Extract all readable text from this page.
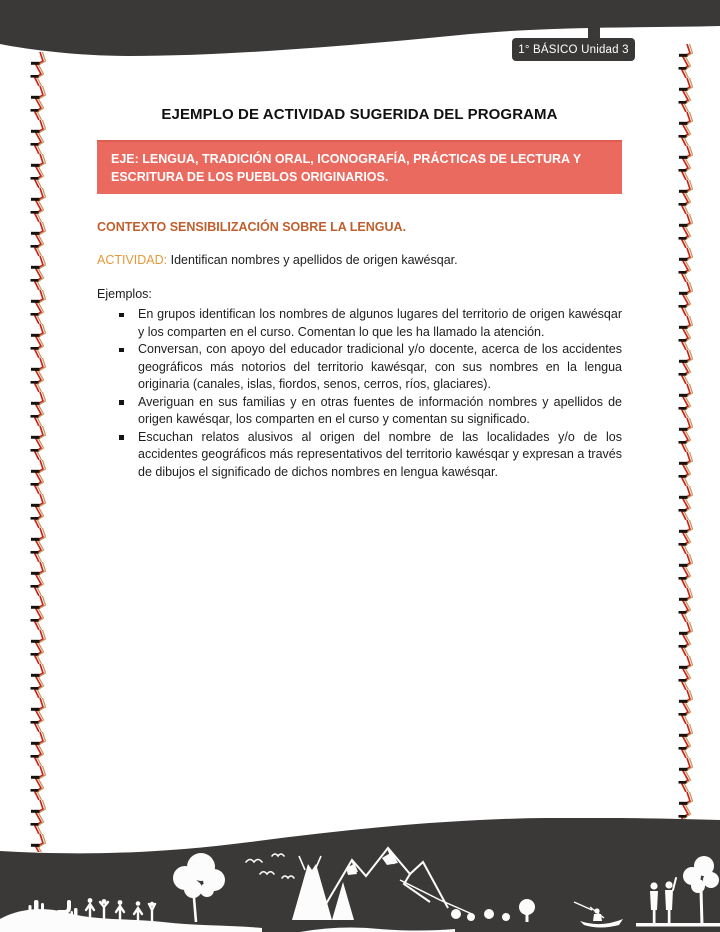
1° BÁSICO Unidad 3
EJEMPLO DE ACTIVIDAD SUGERIDA DEL PROGRAMA
EJE: LENGUA, TRADICIÓN ORAL, ICONOGRAFÍA, PRÁCTICAS DE LECTURA Y ESCRITURA DE LOS PUEBLOS ORIGINARIOS.
CONTEXTO SENSIBILIZACIÓN SOBRE LA LENGUA.

ACTIVIDAD: Identifican nombres y apellidos de origen kawésqar.

Ejemplos:

En grupos identifican los nombres de algunos lugares del territorio de origen kawésqar y los comparten en el curso. Comentan lo que les ha llamado la atención.
Conversan, con apoyo del educador tradicional y/o docente, acerca de los accidentes geográficos más notorios del territorio kawésqar, con sus nombres en la lengua originaria (canales, islas, fiordos, senos, cerros, ríos, glaciares).
Averiguan en sus familias y en otras fuentes de información nombres y apellidos de origen kawésqar, los comparten en el curso y comentan su significado.
Escuchan relatos alusivos al origen del nombre de las localidades y/o de los accidentes geográficos más representativos del territorio kawésqar y expresan a través de dibujos el significado de dichos nombres en lengua kawésqar.
